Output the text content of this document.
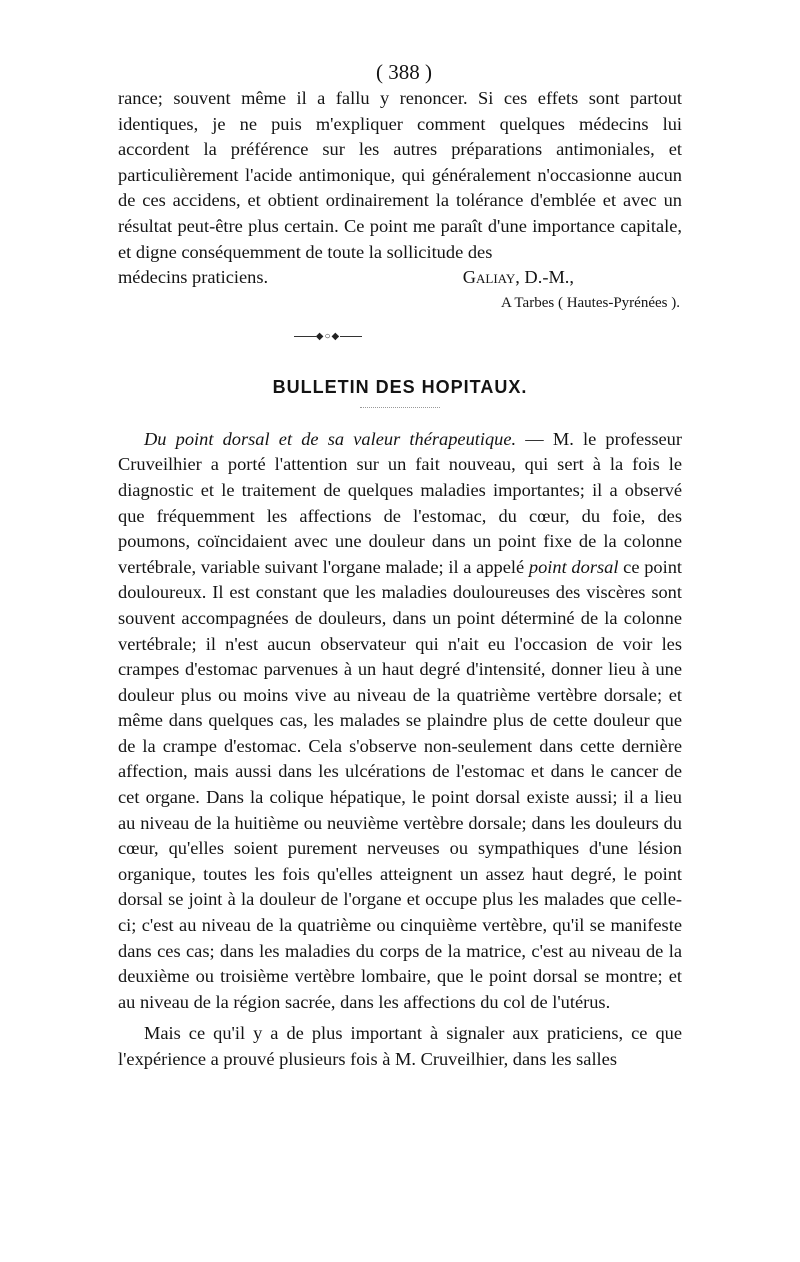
( 388 )

rance; souvent même il a fallu y renoncer. Si ces effets sont partout identiques, je ne puis m'expliquer comment quelques médecins lui accordent la préférence sur les autres préparations antimoniales, et particulièrement l'acide antimonique, qui généralement n'occasionne aucun de ces accidens, et obtient ordinairement la tolérance d'emblée et avec un résultat peut-être plus certain. Ce point me paraît d'une importance capitale, et digne conséquemment de toute la sollicitude des

médecins praticiens.	Galiay, D.-M.,
A Tarbes ( Hautes-Pyrénées ).
◆○◆
BULLETIN DES HOPITAUX.

Du point dorsal et de sa valeur thérapeutique. — M. le professeur Cruveilhier a porté l'attention sur un fait nouveau, qui sert à la fois le diagnostic et le traitement de quelques maladies importantes; il a observé que fréquemment les affections de l'estomac, du cœur, du foie, des poumons, coïncidaient avec une douleur dans un point fixe de la colonne vertébrale, variable suivant l'organe malade; il a appelé point dorsal ce point douloureux. Il est constant que les maladies douloureuses des viscères sont souvent accompagnées de douleurs, dans un point déterminé de la colonne vertébrale; il n'est aucun observateur qui n'ait eu l'occasion de voir les crampes d'estomac parvenues à un haut degré d'intensité, donner lieu à une douleur plus ou moins vive au niveau de la quatrième vertèbre dorsale; et même dans quelques cas, les malades se plaindre plus de cette douleur que de la crampe d'estomac. Cela s'observe non-seulement dans cette dernière affection, mais aussi dans les ulcérations de l'estomac et dans le cancer de cet organe. Dans la colique hépatique, le point dorsal existe aussi; il a lieu au niveau de la huitième ou neuvième vertèbre dorsale; dans les douleurs du cœur, qu'elles soient purement nerveuses ou sympathiques d'une lésion organique, toutes les fois qu'elles atteignent un assez haut degré, le point dorsal se joint à la douleur de l'organe et occupe plus les malades que celle-ci; c'est au niveau de la quatrième ou cinquième vertèbre, qu'il se manifeste dans ces cas; dans les maladies du corps de la matrice, c'est au niveau de la deuxième ou troisième vertèbre lombaire, que le point dorsal se montre; et au niveau de la région sacrée, dans les affections du col de l'utérus.

Mais ce qu'il y a de plus important à signaler aux praticiens, ce que l'expérience a prouvé plusieurs fois à M. Cruveilhier, dans les salles
